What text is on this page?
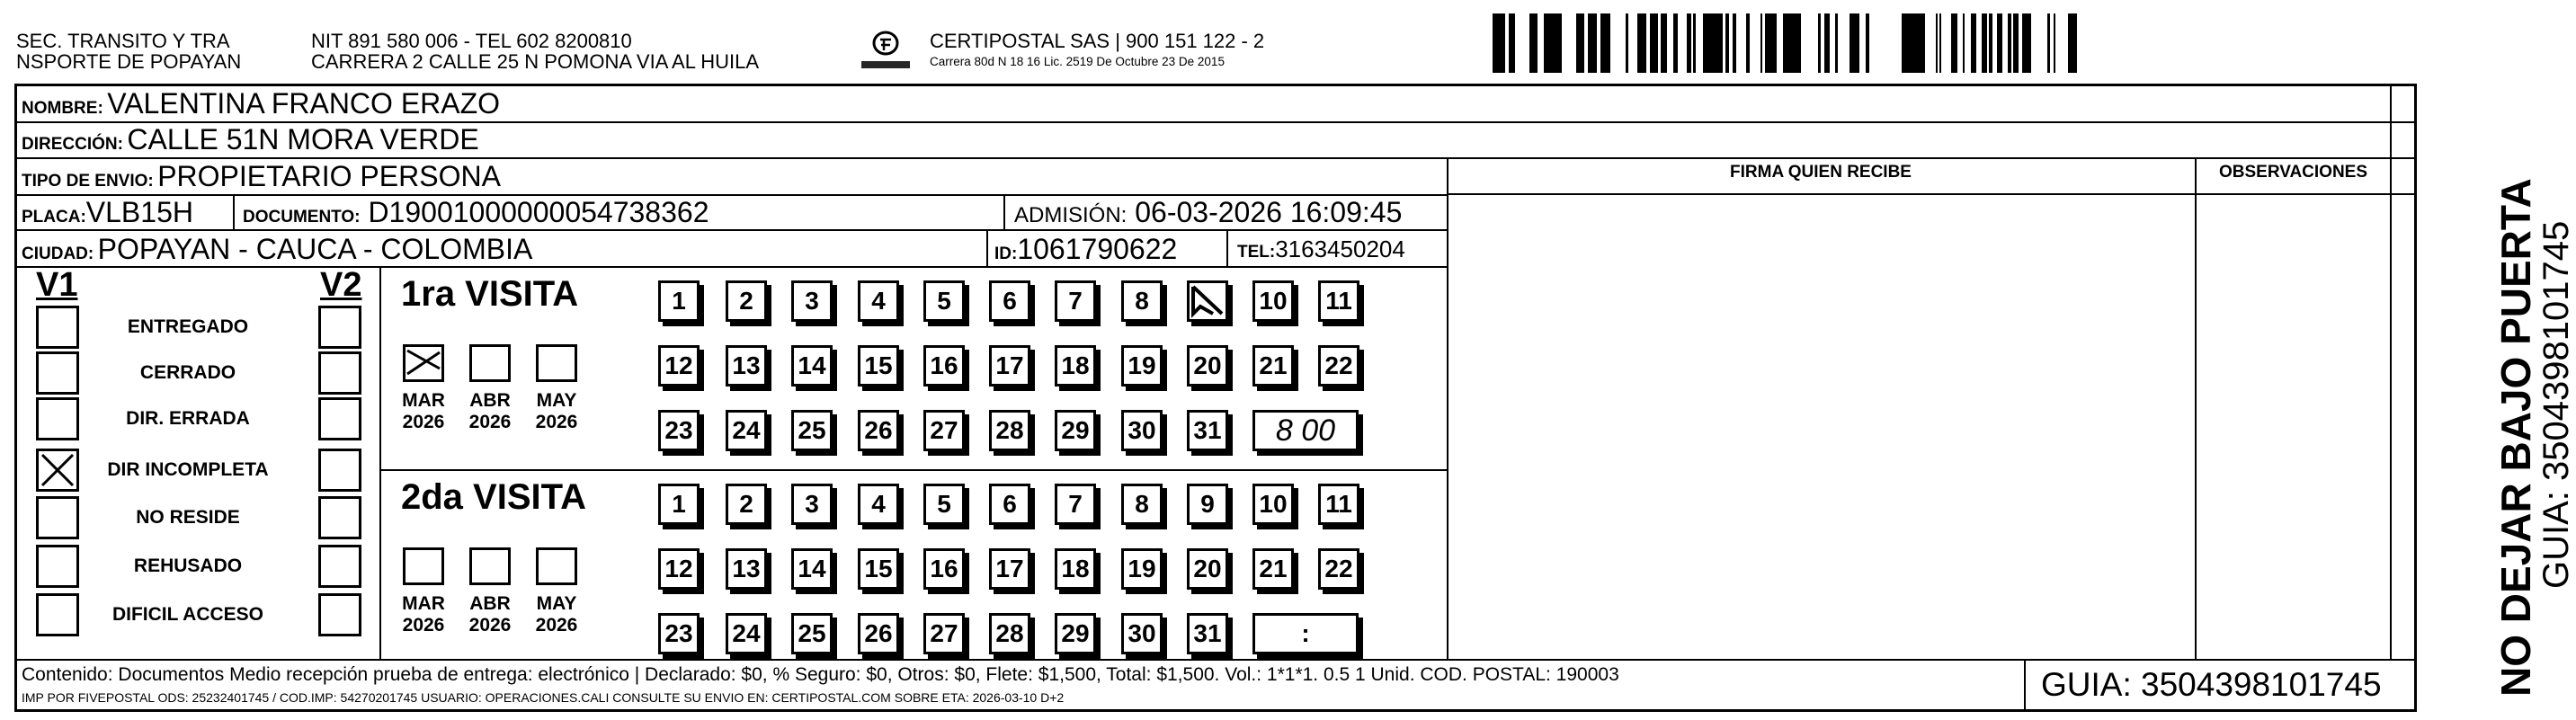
SEC. TRANSITO Y TRA
NSPORTE DE POPAYAN
NIT 891 580 006 - TEL 602 8200810
CARRERA 2 CALLE 25 N POMONA VIA AL HUILA
CERTIPOSTAL SAS | 900 151 122 - 2
Carrera 80d N 18 16 Lic. 2519 De Octubre 23 De 2015
NOMBRE: VALENTINA FRANCO ERAZO
DIRECCIÓN: CALLE 51N MORA VERDE
TIPO DE ENVIO: PROPIETARIO PERSONA
PLACA:VLB15H	DOCUMENTO: D19001000000054738362	ADMISIÓN: 06-03-2026 16:09:45
CIUDAD: POPAYAN - CAUCA - COLOMBIA	ID:1061790622	TEL:3163450204
FIRMA QUIEN RECIBE	OBSERVACIONES
V1	V2
ENTREGADO
CERRADO
DIR. ERRADA
DIR INCOMPLETA
NO RESIDE
REHUSADO
DIFICIL ACCESO
1ra VISITA
MAR
2026
ABR
2026
MAY
2026
1 2 3 4 5 6 7 8	10 11
12 13 14 15 16 17 18 19 20 21 22
23 24 25 26 27 28 29 30 31 8 00
2da VISITA
MAR
2026
ABR
2026
MAY
2026
1 2 3 4 5 6 7 8 9 10 11
12 13 14 15 16 17 18 19 20 21 22
23 24 25 26 27 28 29 30 31	:
Contenido: Documentos Medio recepción prueba de entrega: electrónico | Declarado: $0, % Seguro: $0, Otros: $0, Flete: $1,500, Total: $1,500. Vol.: 1*1*1. 0.5 1 Unid. COD. POSTAL: 190003
IMP POR FIVEPOSTAL ODS: 25232401745 / COD.IMP: 54270201745 USUARIO: OPERACIONES.CALI CONSULTE SU ENVIO EN: CERTIPOSTAL.COM SOBRE ETA: 2026-03-10 D+2	GUIA: 3504398101745	NO DEJAR BAJO PUERTA
GUIA: 3504398101745
